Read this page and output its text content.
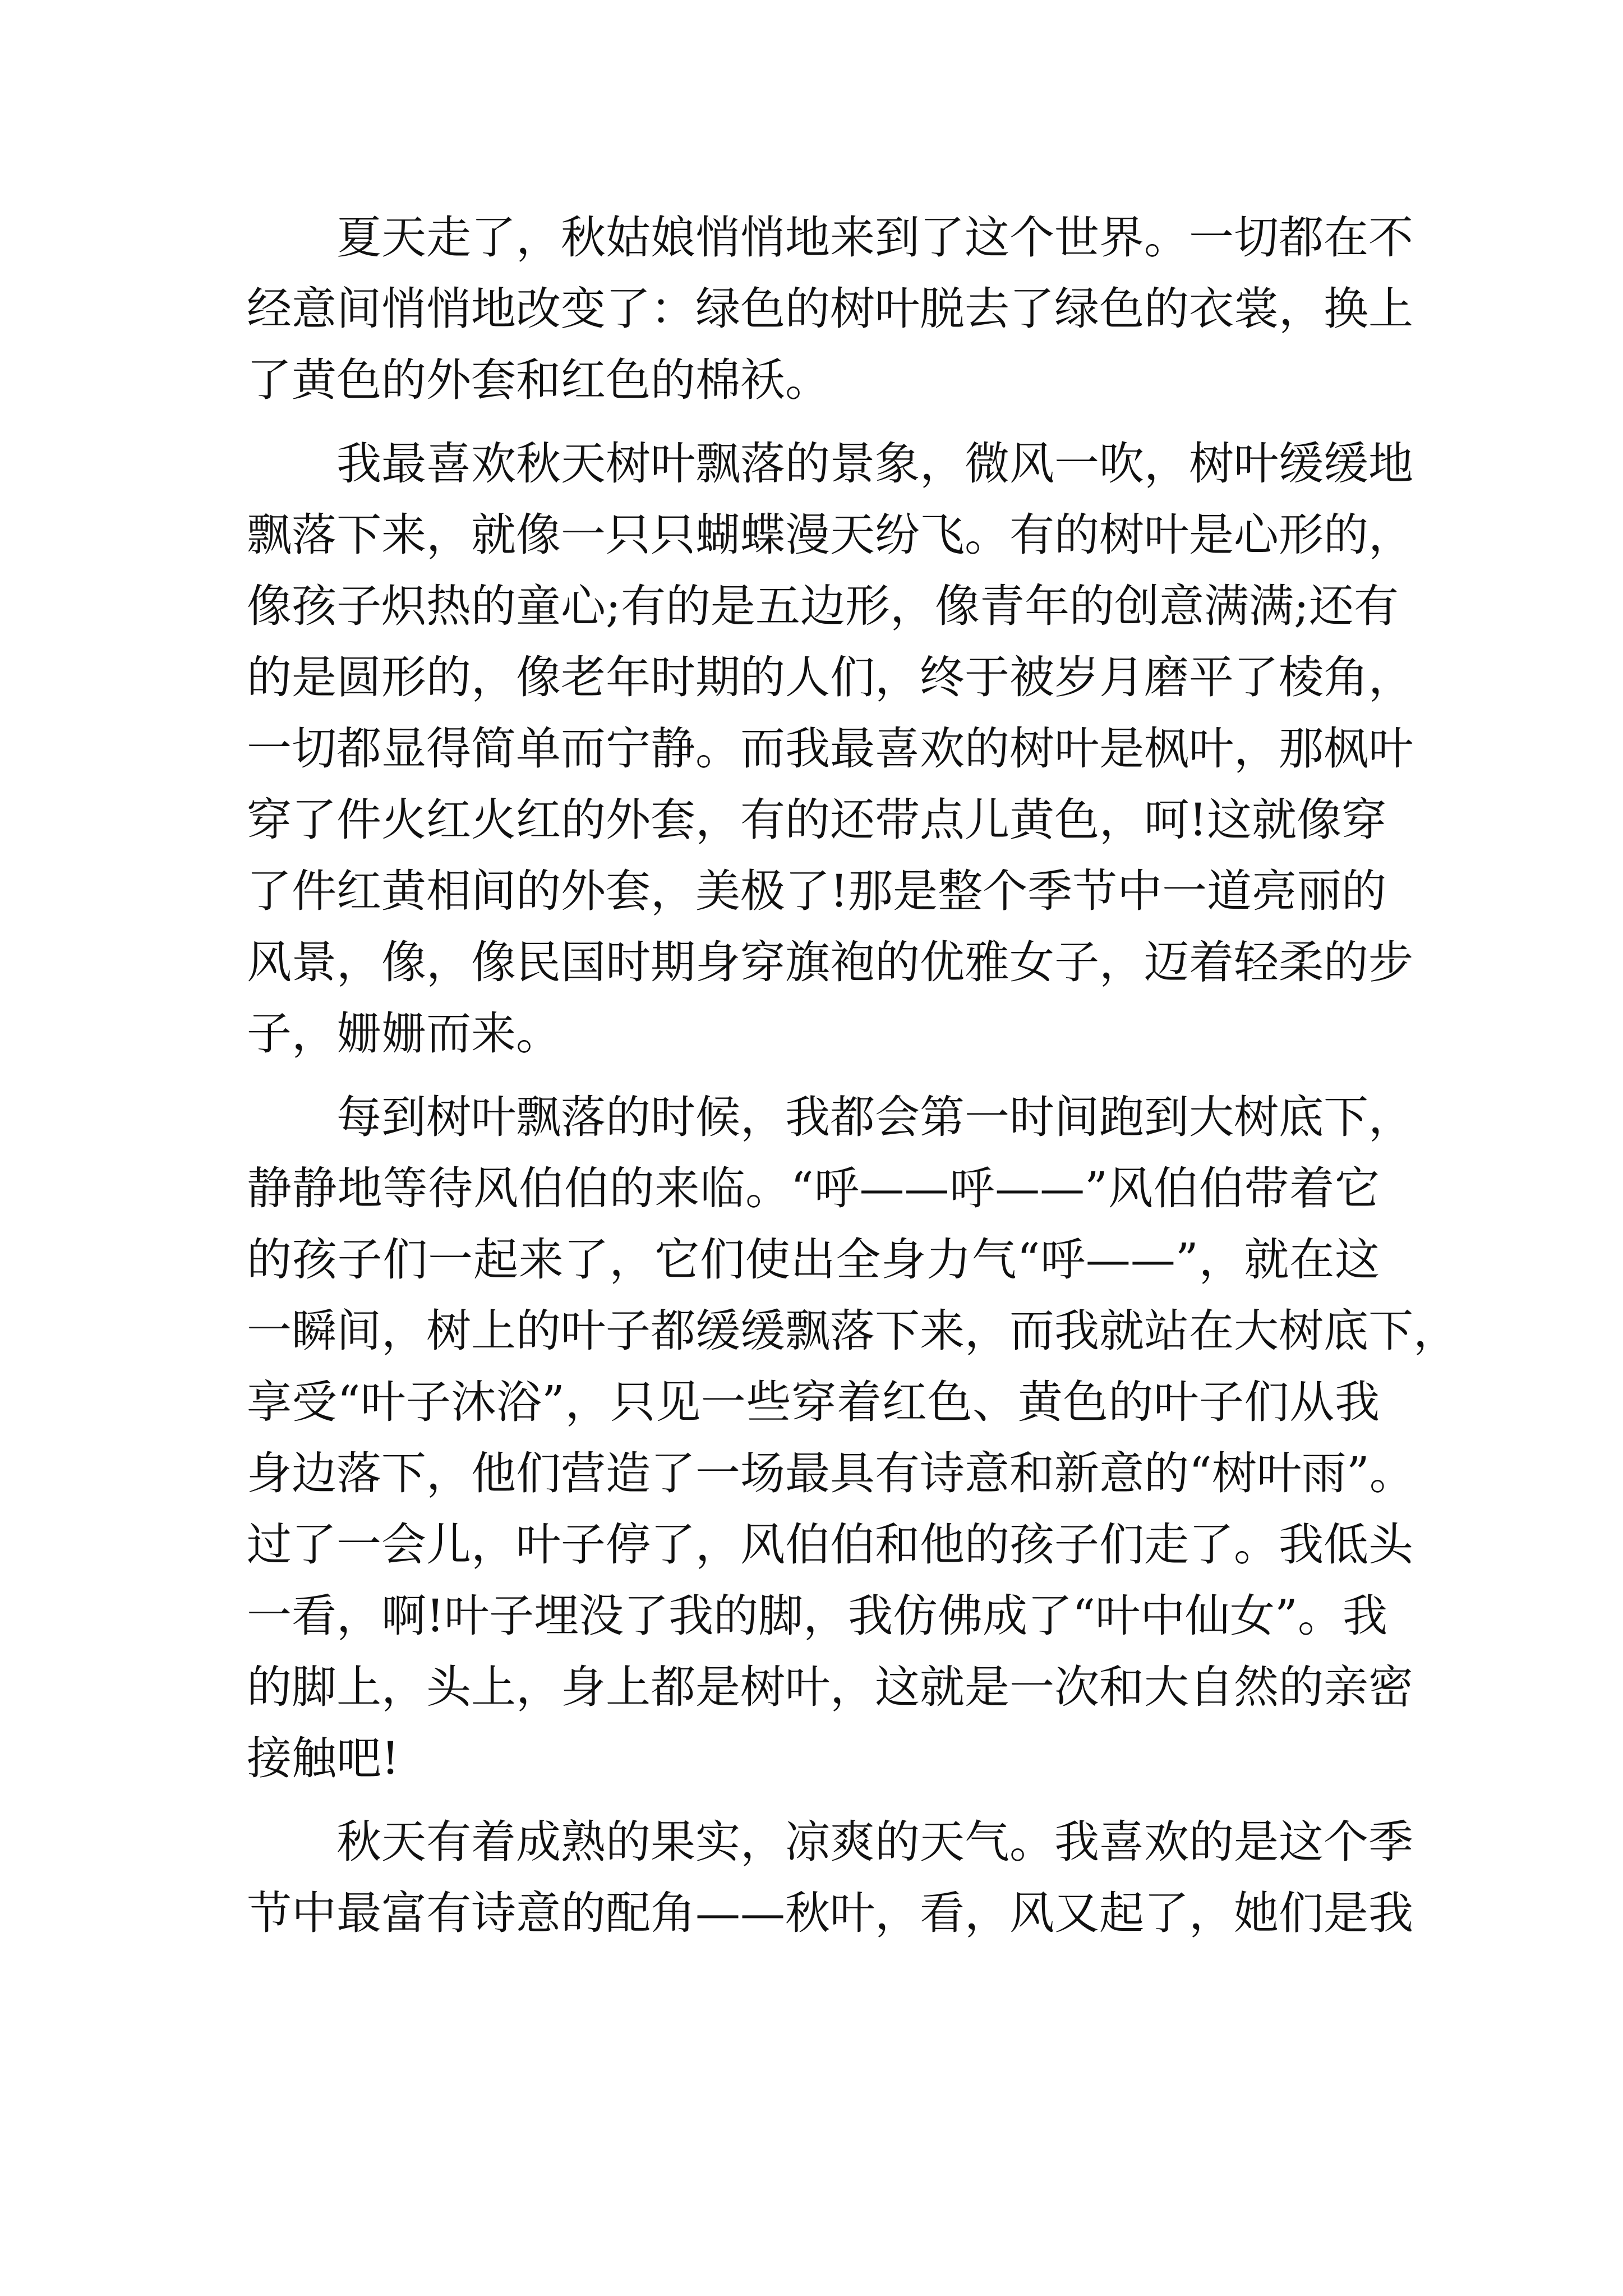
夏天走了，秋姑娘悄悄地来到了这个世界。一切都在不
经意间悄悄地改变了：绿色的树叶脱去了绿色的衣裳，换上
了黄色的外套和红色的棉袄。
我最喜欢秋天树叶飘落的景象，微风一吹，树叶缓缓地
飘落下来，就像一只只蝴蝶漫天纷飞。有的树叶是心形的，
像孩子炽热的童心;有的是五边形，像青年的创意满满;还有
的是圆形的，像老年时期的人们，终于被岁月磨平了棱角，
一切都显得简单而宁静。而我最喜欢的树叶是枫叶，那枫叶
穿了件火红火红的外套，有的还带点儿黄色，呵!这就像穿
了件红黄相间的外套，美极了!那是整个季节中一道亮丽的
风景，像，像民国时期身穿旗袍的优雅女子，迈着轻柔的步
子，姗姗而来。
每到树叶飘落的时候，我都会第一时间跑到大树底下，
静静地等待风伯伯的来临。“呼——呼——”风伯伯带着它
的孩子们一起来了，它们使出全身力气“呼——”，就在这
一瞬间，树上的叶子都缓缓飘落下来，而我就站在大树底下，
享受“叶子沐浴”，只见一些穿着红色、黄色的叶子们从我
身边落下，他们营造了一场最具有诗意和新意的“树叶雨”。
过了一会儿，叶子停了，风伯伯和他的孩子们走了。我低头
一看，啊!叶子埋没了我的脚，我仿佛成了“叶中仙女”。我
的脚上，头上，身上都是树叶，这就是一次和大自然的亲密
接触吧!
秋天有着成熟的果实，凉爽的天气。我喜欢的是这个季
节中最富有诗意的配角——秋叶，看，风又起了，她们是我
